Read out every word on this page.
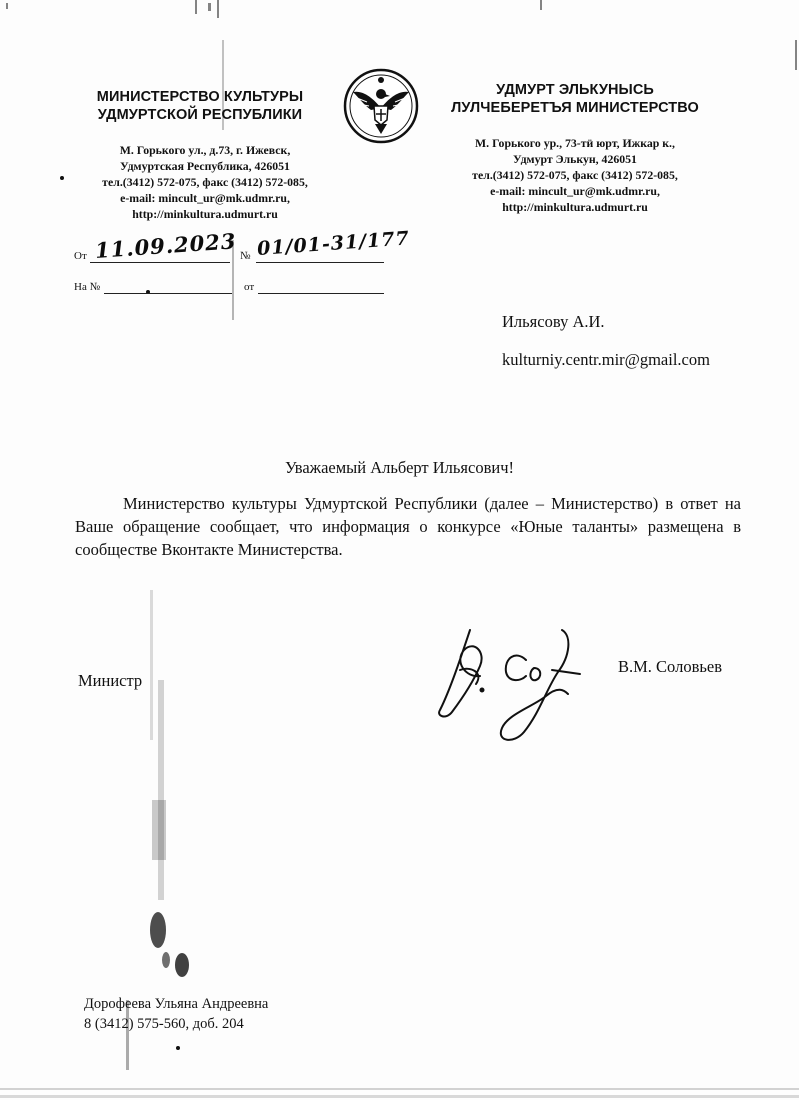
МИНИСТЕРСТВО КУЛЬТУРЫ
УДМУРТСКОЙ РЕСПУБЛИКИ
М. Горького ул., д.73, г. Ижевск,
Удмуртская Республика, 426051
тел.(3412) 572-075, факс (3412) 572-085,
e-mail: mincult_ur@mk.udmr.ru,
http://minkultura.udmurt.ru
УДМУРТ ЭЛЬКУНЫСЬ
ЛУЛЧЕБЕРЕТЪЯ МИНИСТЕРСТВО
М. Горького ур., 73-тӥ юрт, Ижкар к.,
Удмурт Элькун, 426051
тел.(3412) 572-075, факс (3412) 572-085,
e-mail: mincult_ur@mk.udmr.ru,
http://minkultura.udmurt.ru
От 11.09.2023 № 01/01-31/177
На №	от
Ильясову А.И.
kulturniy.centr.mir@gmail.com
Уважаемый Альберт Ильясович!
Министерство культуры Удмуртской Республики (далее – Министерство) в ответ на Ваше обращение сообщает, что информация о конкурсе «Юные таланты» размещена в сообществе Вконтакте Министерства.
Министр
В.М. Соловьев
Дорофеева Ульяна Андреевна
8 (3412) 575-560, доб. 204
